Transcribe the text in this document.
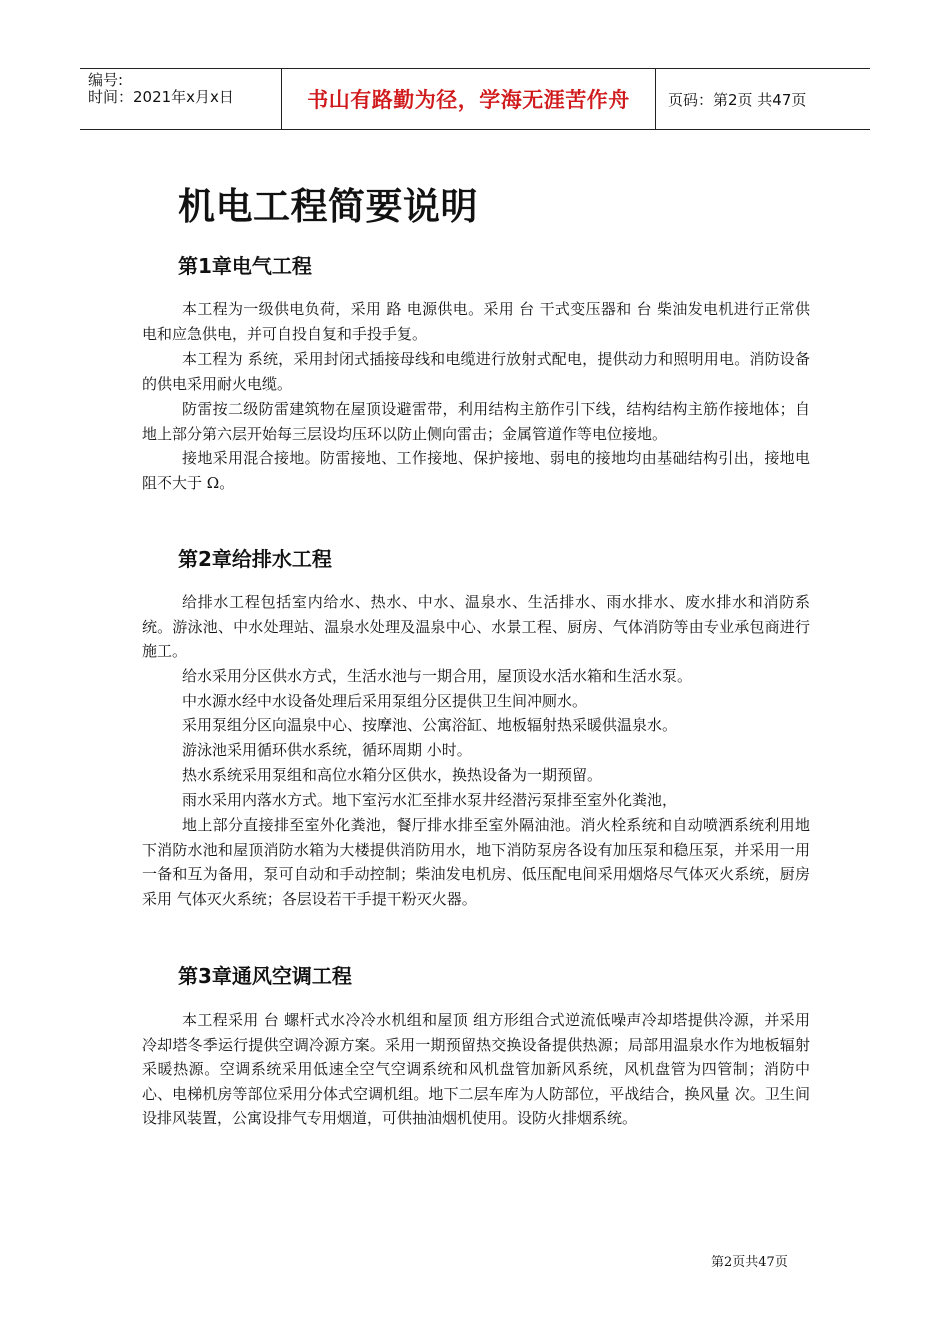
编号:
时间：2021年x月x日	书山有路勤为径，学海无涯苦作舟	页码：第2页 共47页
机电工程简要说明
第1章电气工程

本工程为一级供电负荷，采用 路 电源供电。采用 台 干式变压器和 台 柴油发电机进行正常供电和应急供电，并可自投自复和手投手复。

本工程为 系统，采用封闭式插接母线和电缆进行放射式配电，提供动力和照明用电。消防设备的供电采用耐火电缆。

防雷按二级防雷建筑物在屋顶设避雷带，利用结构主筋作引下线，结构结构主筋作接地体；自地上部分第六层开始每三层设均压环以防止侧向雷击；金属管道作等电位接地。

接地采用混合接地。防雷接地、工作接地、保护接地、弱电的接地均由基础结构引出，接地电阻不大于 Ω。

第2章给排水工程

给排水工程包括室内给水、热水、中水、温泉水、生活排水、雨水排水、废水排水和消防系统。游泳池、中水处理站、温泉水处理及温泉中心、水景工程、厨房、气体消防等由专业承包商进行施工。

给水采用分区供水方式，生活水池与一期合用，屋顶设水活水箱和生活水泵。

中水源水经中水设备处理后采用泵组分区提供卫生间冲厕水。

采用泵组分区向温泉中心、按摩池、公寓浴缸、地板辐射热采暖供温泉水。

游泳池采用循环供水系统，循环周期 小时。

热水系统采用泵组和高位水箱分区供水，换热设备为一期预留。

雨水采用内落水方式。地下室污水汇至排水泵井经潜污泵排至室外化粪池，

地上部分直接排至室外化粪池，餐厅排水排至室外隔油池。消火栓系统和自动喷洒系统利用地下消防水池和屋顶消防水箱为大楼提供消防用水，地下消防泵房各设有加压泵和稳压泵，并采用一用一备和互为备用，泵可自动和手动控制；柴油发电机房、低压配电间采用烟烙尽气体灭火系统，厨房采用 气体灭火系统；各层设若干手提干粉灭火器。

第3章通风空调工程

本工程采用 台 螺杆式水冷冷水机组和屋顶 组方形组合式逆流低噪声冷却塔提供冷源，并采用冷却塔冬季运行提供空调冷源方案。采用一期预留热交换设备提供热源；局部用温泉水作为地板辐射采暖热源。空调系统采用低速全空气空调系统和风机盘管加新风系统，风机盘管为四管制；消防中心、电梯机房等部位采用分体式空调机组。地下二层车库为人防部位，平战结合，换风量 次。卫生间设排风装置，公寓设排气专用烟道，可供抽油烟机使用。设防火排烟系统。

第2页共47页
